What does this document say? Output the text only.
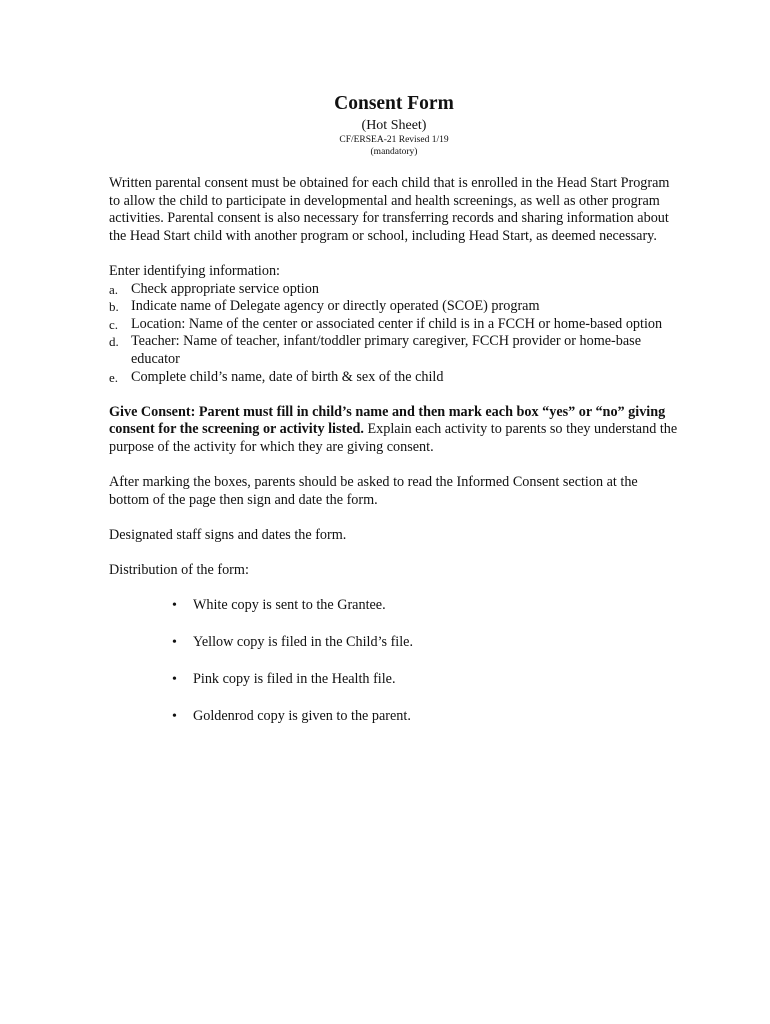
Consent Form
(Hot Sheet)
CF/ERSEA-21 Revised 1/19
(mandatory)

Written parental consent must be obtained for each child that is enrolled in the Head Start Program to allow the child to participate in developmental and health screenings, as well as other program activities. Parental consent is also necessary for transferring records and sharing information about the Head Start child with another program or school, including Head Start, as deemed necessary.

Enter identifying information:

a. Check appropriate service option
b. Indicate name of Delegate agency or directly operated (SCOE) program
c. Location: Name of the center or associated center if child is in a FCCH or home-based option
d. Teacher: Name of teacher, infant/toddler primary caregiver, FCCH provider or home-base educator
e. Complete child’s name, date of birth & sex of the child

Give Consent: Parent must fill in child’s name and then mark each box “yes” or “no” giving consent for the screening or activity listed. Explain each activity to parents so they understand the purpose of the activity for which they are giving consent.

After marking the boxes, parents should be asked to read the Informed Consent section at the bottom of the page then sign and date the form.

Designated staff signs and dates the form.

Distribution of the form:

• White copy is sent to the Grantee.
• Yellow copy is filed in the Child’s file.
• Pink copy is filed in the Health file.
• Goldenrod copy is given to the parent.
